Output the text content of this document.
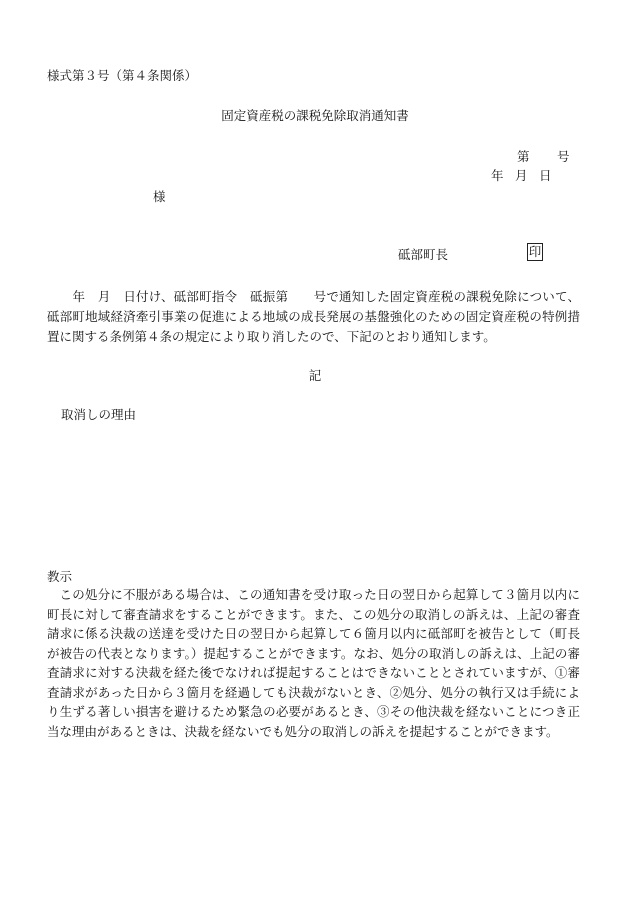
様式第３号（第４条関係）
固定資産税の課税免除取消通知書
第 号
年 月 日
様
砥部町長	印
　　年　月　日付け、砥部町指令　砥振第　　号で通知した固定資産税の課税免除について、砥部町地域経済牽引事業の促進による地域の成長発展の基盤強化のための固定資産税の特例措置に関する条例第４条の規定により取り消したので、下記のとおり通知します。
記
取消しの理由
教示
この処分に不服がある場合は、この通知書を受け取った日の翌日から起算して３箇月以内に町長に対して審査請求をすることができます。また、この処分の取消しの訴えは、上記の審査請求に係る決裁の送達を受けた日の翌日から起算して６箇月以内に砥部町を被告として（町長が被告の代表となります。）提起することができます。なお、処分の取消しの訴えは、上記の審査請求に対する決裁を経た後でなければ提起することはできないこととされていますが、①審査請求があった日から３箇月を経過しても決裁がないとき、②処分、処分の執行又は手続により生ずる著しい損害を避けるため緊急の必要があるとき、③その他決裁を経ないことにつき正当な理由があるときは、決裁を経ないでも処分の取消しの訴えを提起することができます。
